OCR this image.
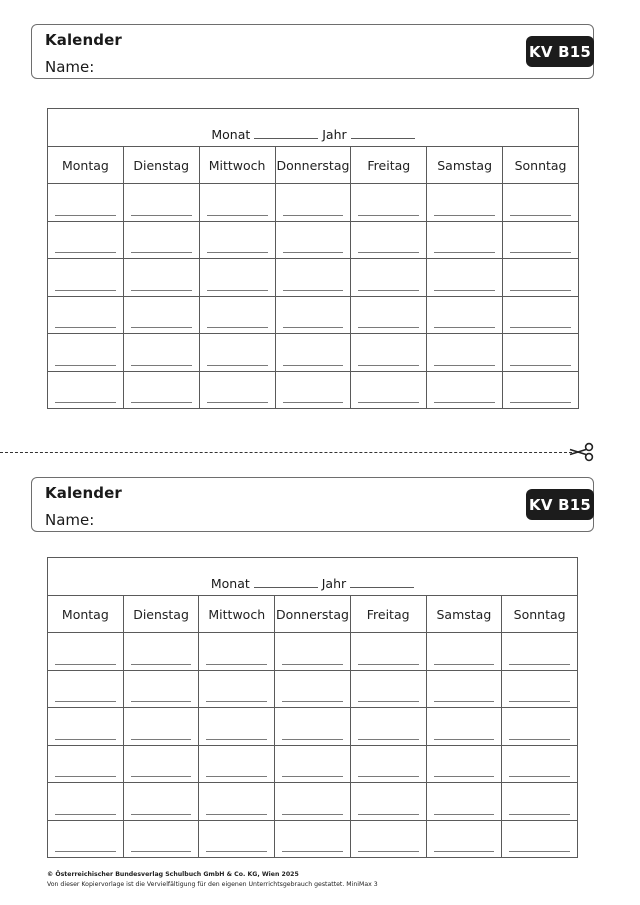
Kalender
Name:
KV B15
Monat Jahr						
Montag	Dienstag	Mittwoch	Donnerstag	Freitag	Samstag	Sonntag

Kalender
Name:
KV B15
Monat Jahr						
Montag	Dienstag	Mittwoch	Donnerstag	Freitag	Samstag	Sonntag

© Österreichischer Bundesverlag Schulbuch GmbH & Co. KG, Wien 2025
Von dieser Kopiervorlage ist die Vervielfältigung für den eigenen Unterrichtsgebrauch gestattet. MiniMax 3
